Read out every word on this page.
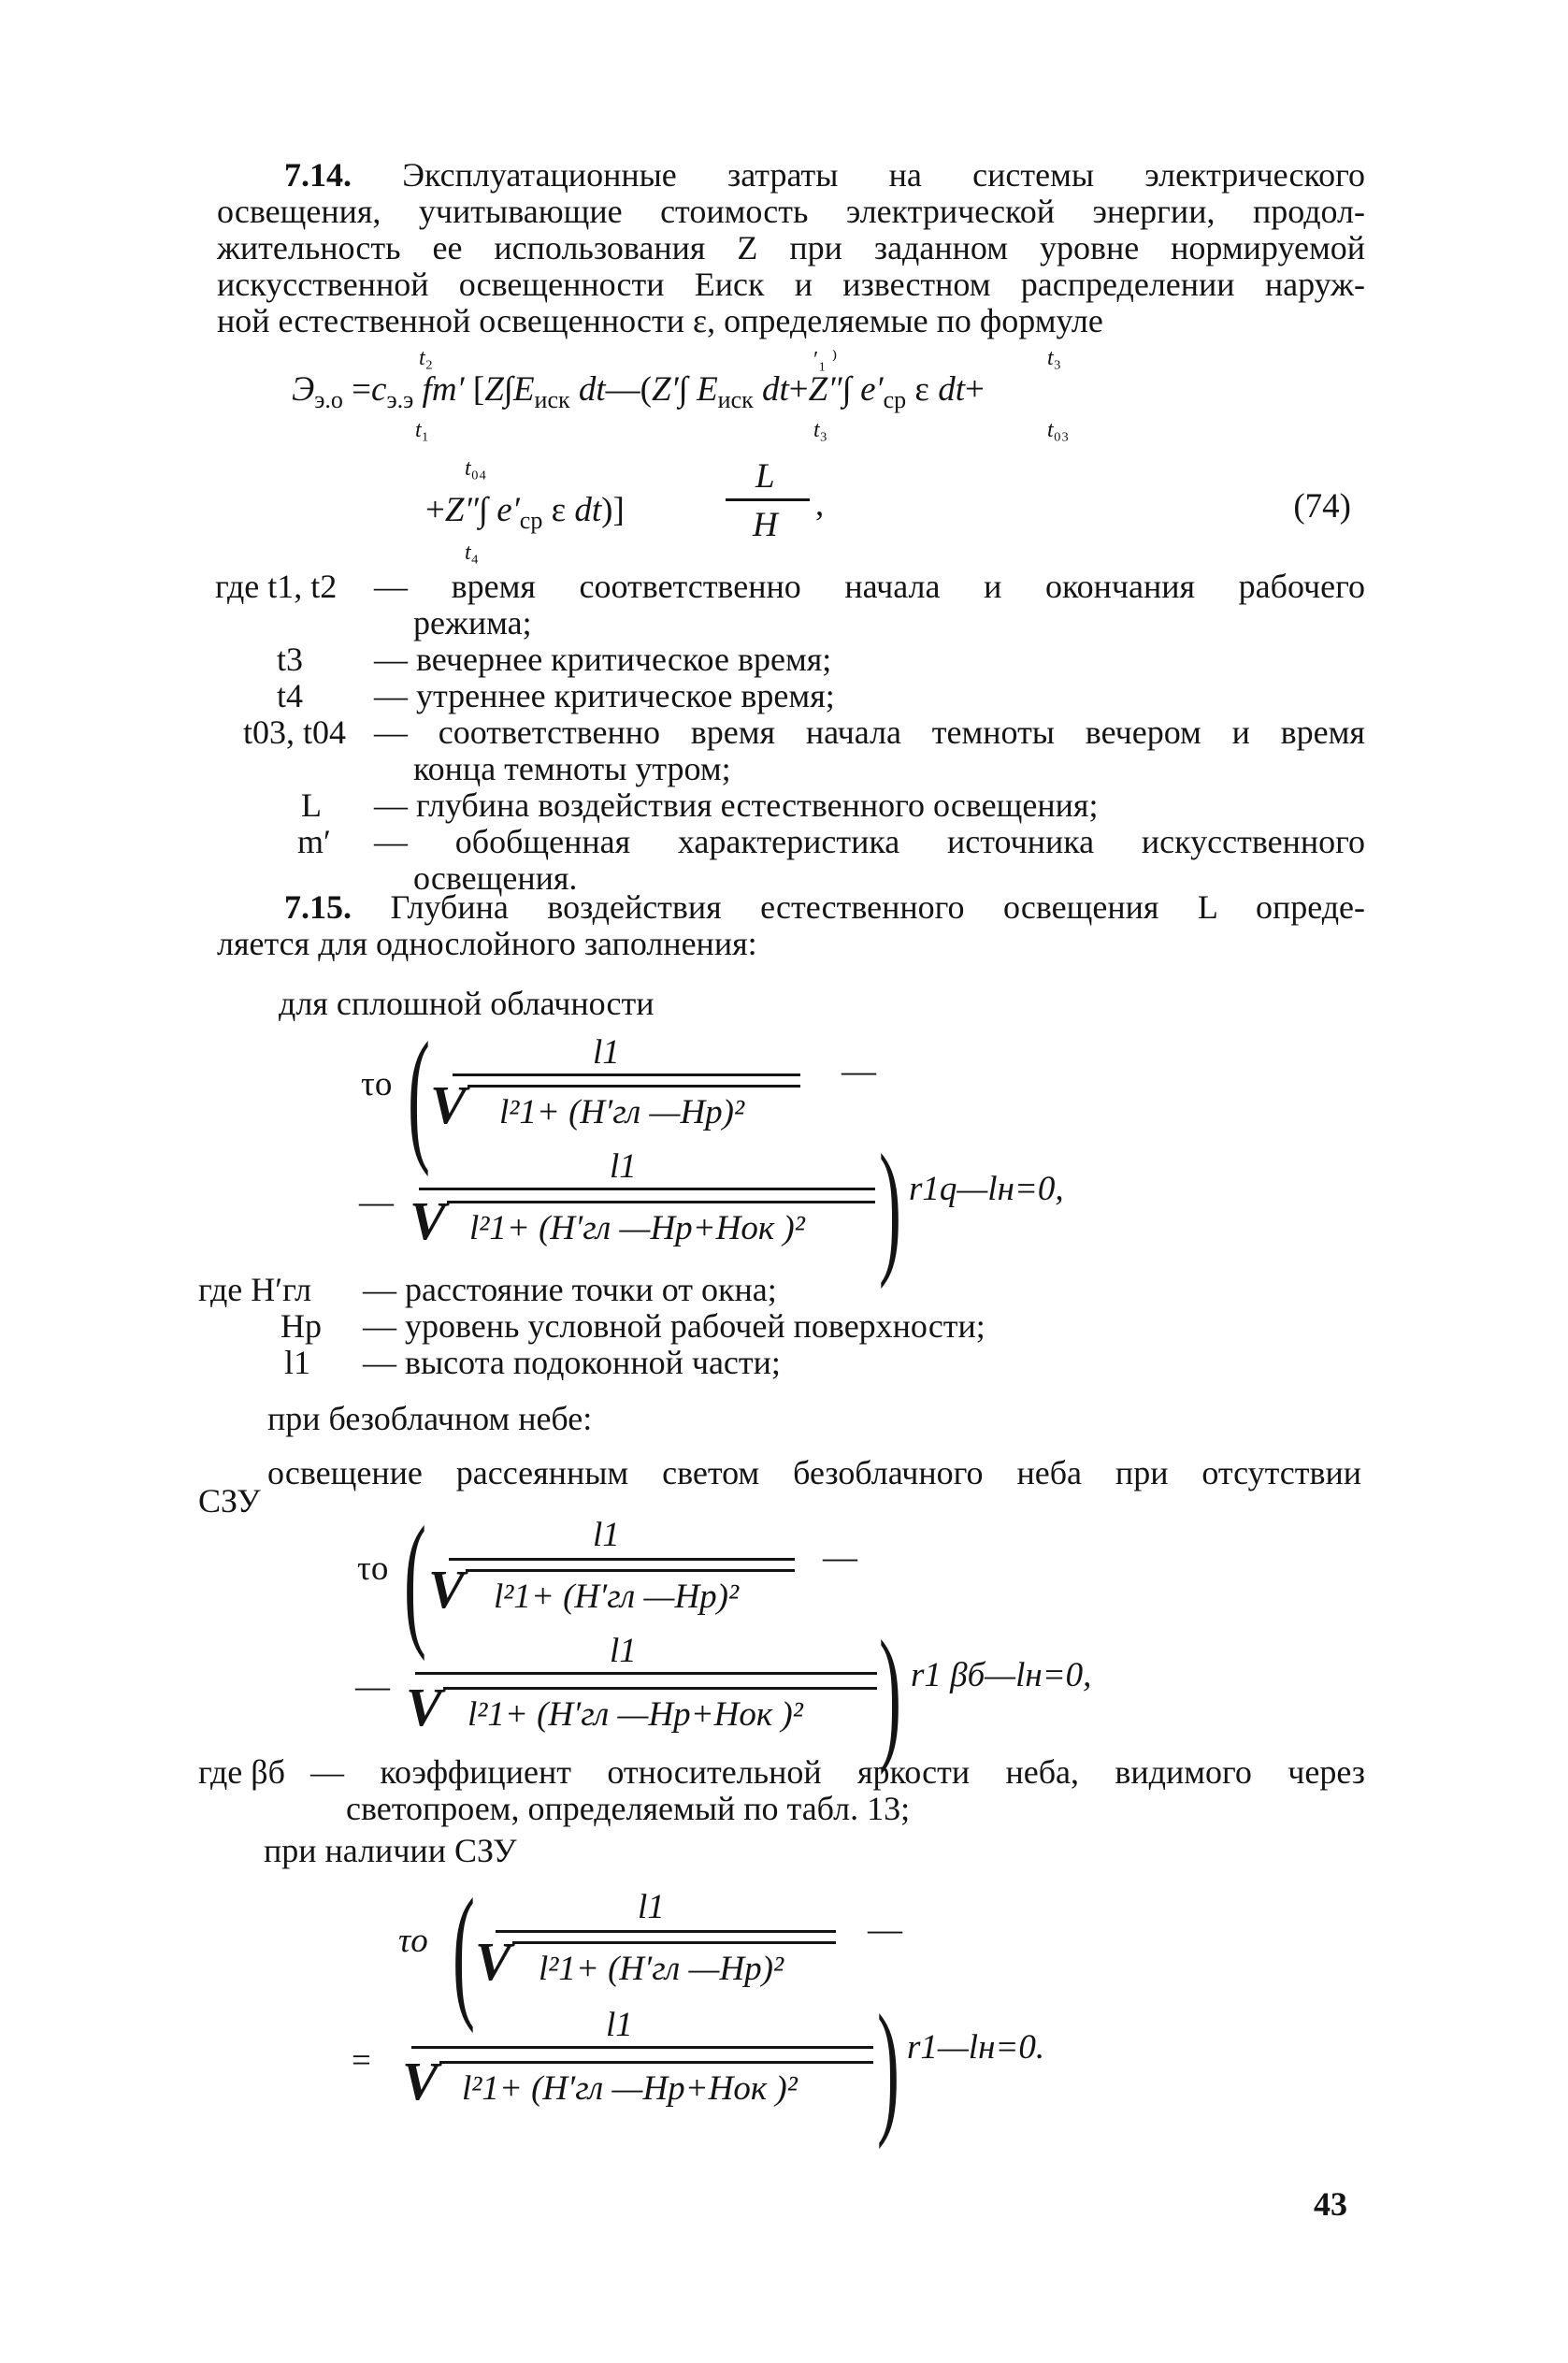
7.14. Эксплуатационные затраты на системы электрического
освещения, учитывающие стоимость электрической энергии, продол-
жительность ее использования Z при заданном уровне нормируемой
искусственной освещенности Eиск и известном распределении наруж-
ной естественной освещенности ε, определяемые по формуле
$Э_{э.о} =c_{э.э}$ fm′ [$Z\int E_{иск}$ dt—(Z′∫ $E_{иск}$ dt+Z″∫ $e'_{ср}$ ε dt+
t₂
t₁
′₁ ⁾
t₃
t₃
t₀₃
t₀₄
+Z″∫ $e'_{ср}$ ε dt)]
t₄
L
H
,	(74)
где t1, t2 — время соответственно начала и окончания рабочего
режима;
t3 — вечернее критическое время;
t4 — утреннее критическое время;
t03, t04 — соответственно время начала темноты вечером и время
конца темноты утром;
L — глубина воздействия естественного освещения;
m′ — обобщенная характеристика источника искусственного
освещения.
7.15. Глубина воздействия естественного освещения L опреде-
ляется для однослойного заполнения:
для сплошной облачности
τо (	l1
V l²1+ (H′гл —Hр)²
—
—
l1
V l²1+ (H′гл —Hр+Hок )² ) r1q—lн=0,
где H′гл — расстояние точки от окна;
Hр — уровень условной рабочей поверхности;
l1 — высота подоконной части;
при безоблачном небе:
освещение рассеянным светом безоблачного неба при отсутствии
СЗУ
τо (	l1
V l²1+ (H′гл —Hр)²
—
—
l1
V l²1+ (H′гл —Hр+Hок )² ) r1 βб—lн=0,
где βб — коэффициент относительной яркости неба, видимого через
светопроем, определяемый по табл. 13;
при наличии СЗУ
τо (	l1
V l²1+ (H′гл —Hр)²
—
=
l1
V l²1+ (H′гл —Hр+Hок )² ) r1—lн=0.
43
